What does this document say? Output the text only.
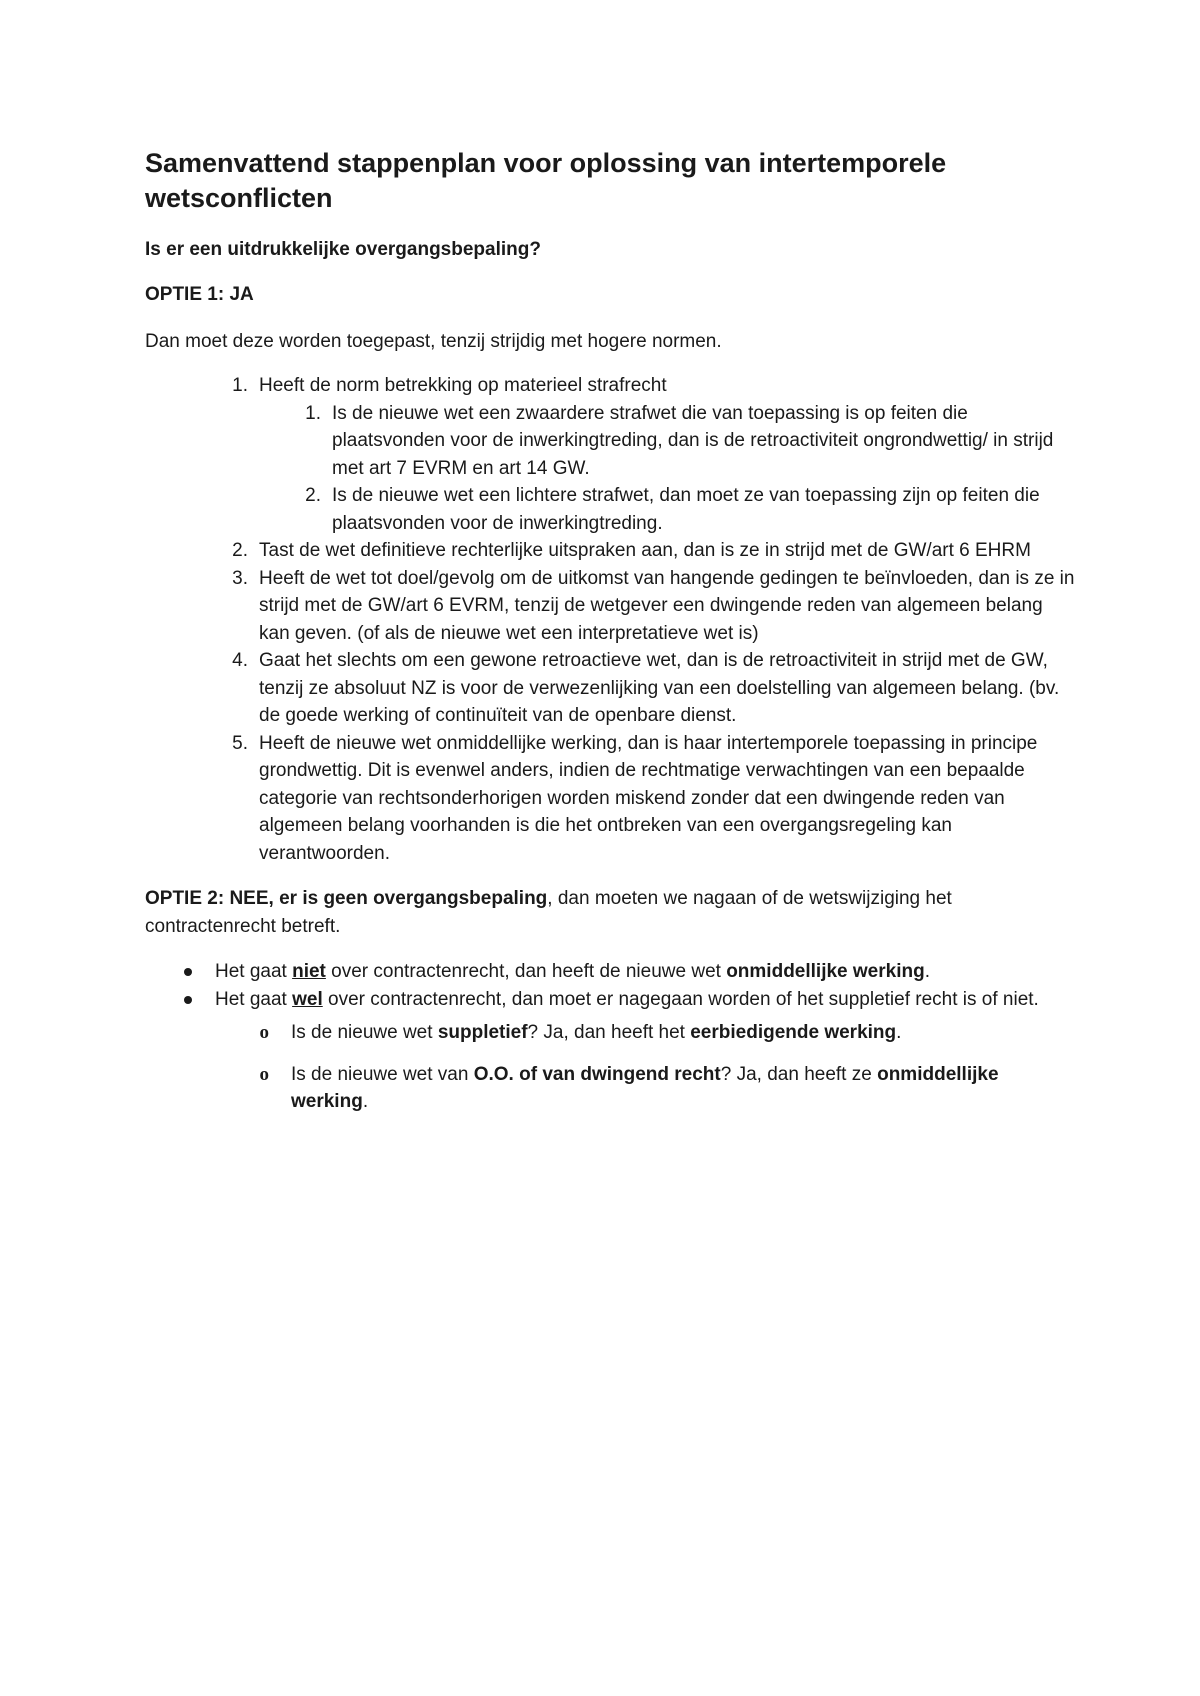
Samenvattend stappenplan voor oplossing van intertemporele wetsconflicten
Is er een uitdrukkelijke overgangsbepaling?
OPTIE 1: JA
Dan moet deze worden toegepast, tenzij strijdig met hogere normen.
1. Heeft de norm betrekking op materieel strafrecht
1. Is de nieuwe wet een zwaardere strafwet die van toepassing is op feiten die plaatsvonden voor de inwerkingtreding, dan is de retroactiviteit ongrondwettig/ in strijd met art 7 EVRM en art 14 GW.
2. Is de nieuwe wet een lichtere strafwet, dan moet ze van toepassing zijn op feiten die plaatsvonden voor de inwerkingtreding.
2. Tast de wet definitieve rechterlijke uitspraken aan, dan is ze in strijd met de GW/art 6 EHRM
3. Heeft de wet tot doel/gevolg om de uitkomst van hangende gedingen te beïnvloeden, dan is ze in strijd met de GW/art 6 EVRM, tenzij de wetgever een dwingende reden van algemeen belang kan geven. (of als de nieuwe wet een interpretatieve wet is)
4. Gaat het slechts om een gewone retroactieve wet, dan is de retroactiviteit in strijd met de GW, tenzij ze absoluut NZ is voor de verwezenlijking van een doelstelling van algemeen belang. (bv. de goede werking of continuïteit van de openbare dienst.
5. Heeft de nieuwe wet onmiddellijke werking, dan is haar intertemporele toepassing in principe grondwettig. Dit is evenwel anders, indien de rechtmatige verwachtingen van een bepaalde categorie van rechtsonderhorigen worden miskend zonder dat een dwingende reden van algemeen belang voorhanden is die het ontbreken van een overgangsregeling kan verantwoorden.
OPTIE 2: NEE, er is geen overgangsbepaling, dan moeten we nagaan of de wetswijziging het contractenrecht betreft.
Het gaat niet over contractenrecht, dan heeft de nieuwe wet onmiddellijke werking.
Het gaat wel over contractenrecht, dan moet er nagegaan worden of het suppletief recht is of niet.
o	Is de nieuwe wet suppletief? Ja, dan heeft het eerbiedigende werking.
o	Is de nieuwe wet van O.O. of van dwingend recht? Ja, dan heeft ze onmiddellijke werking.
